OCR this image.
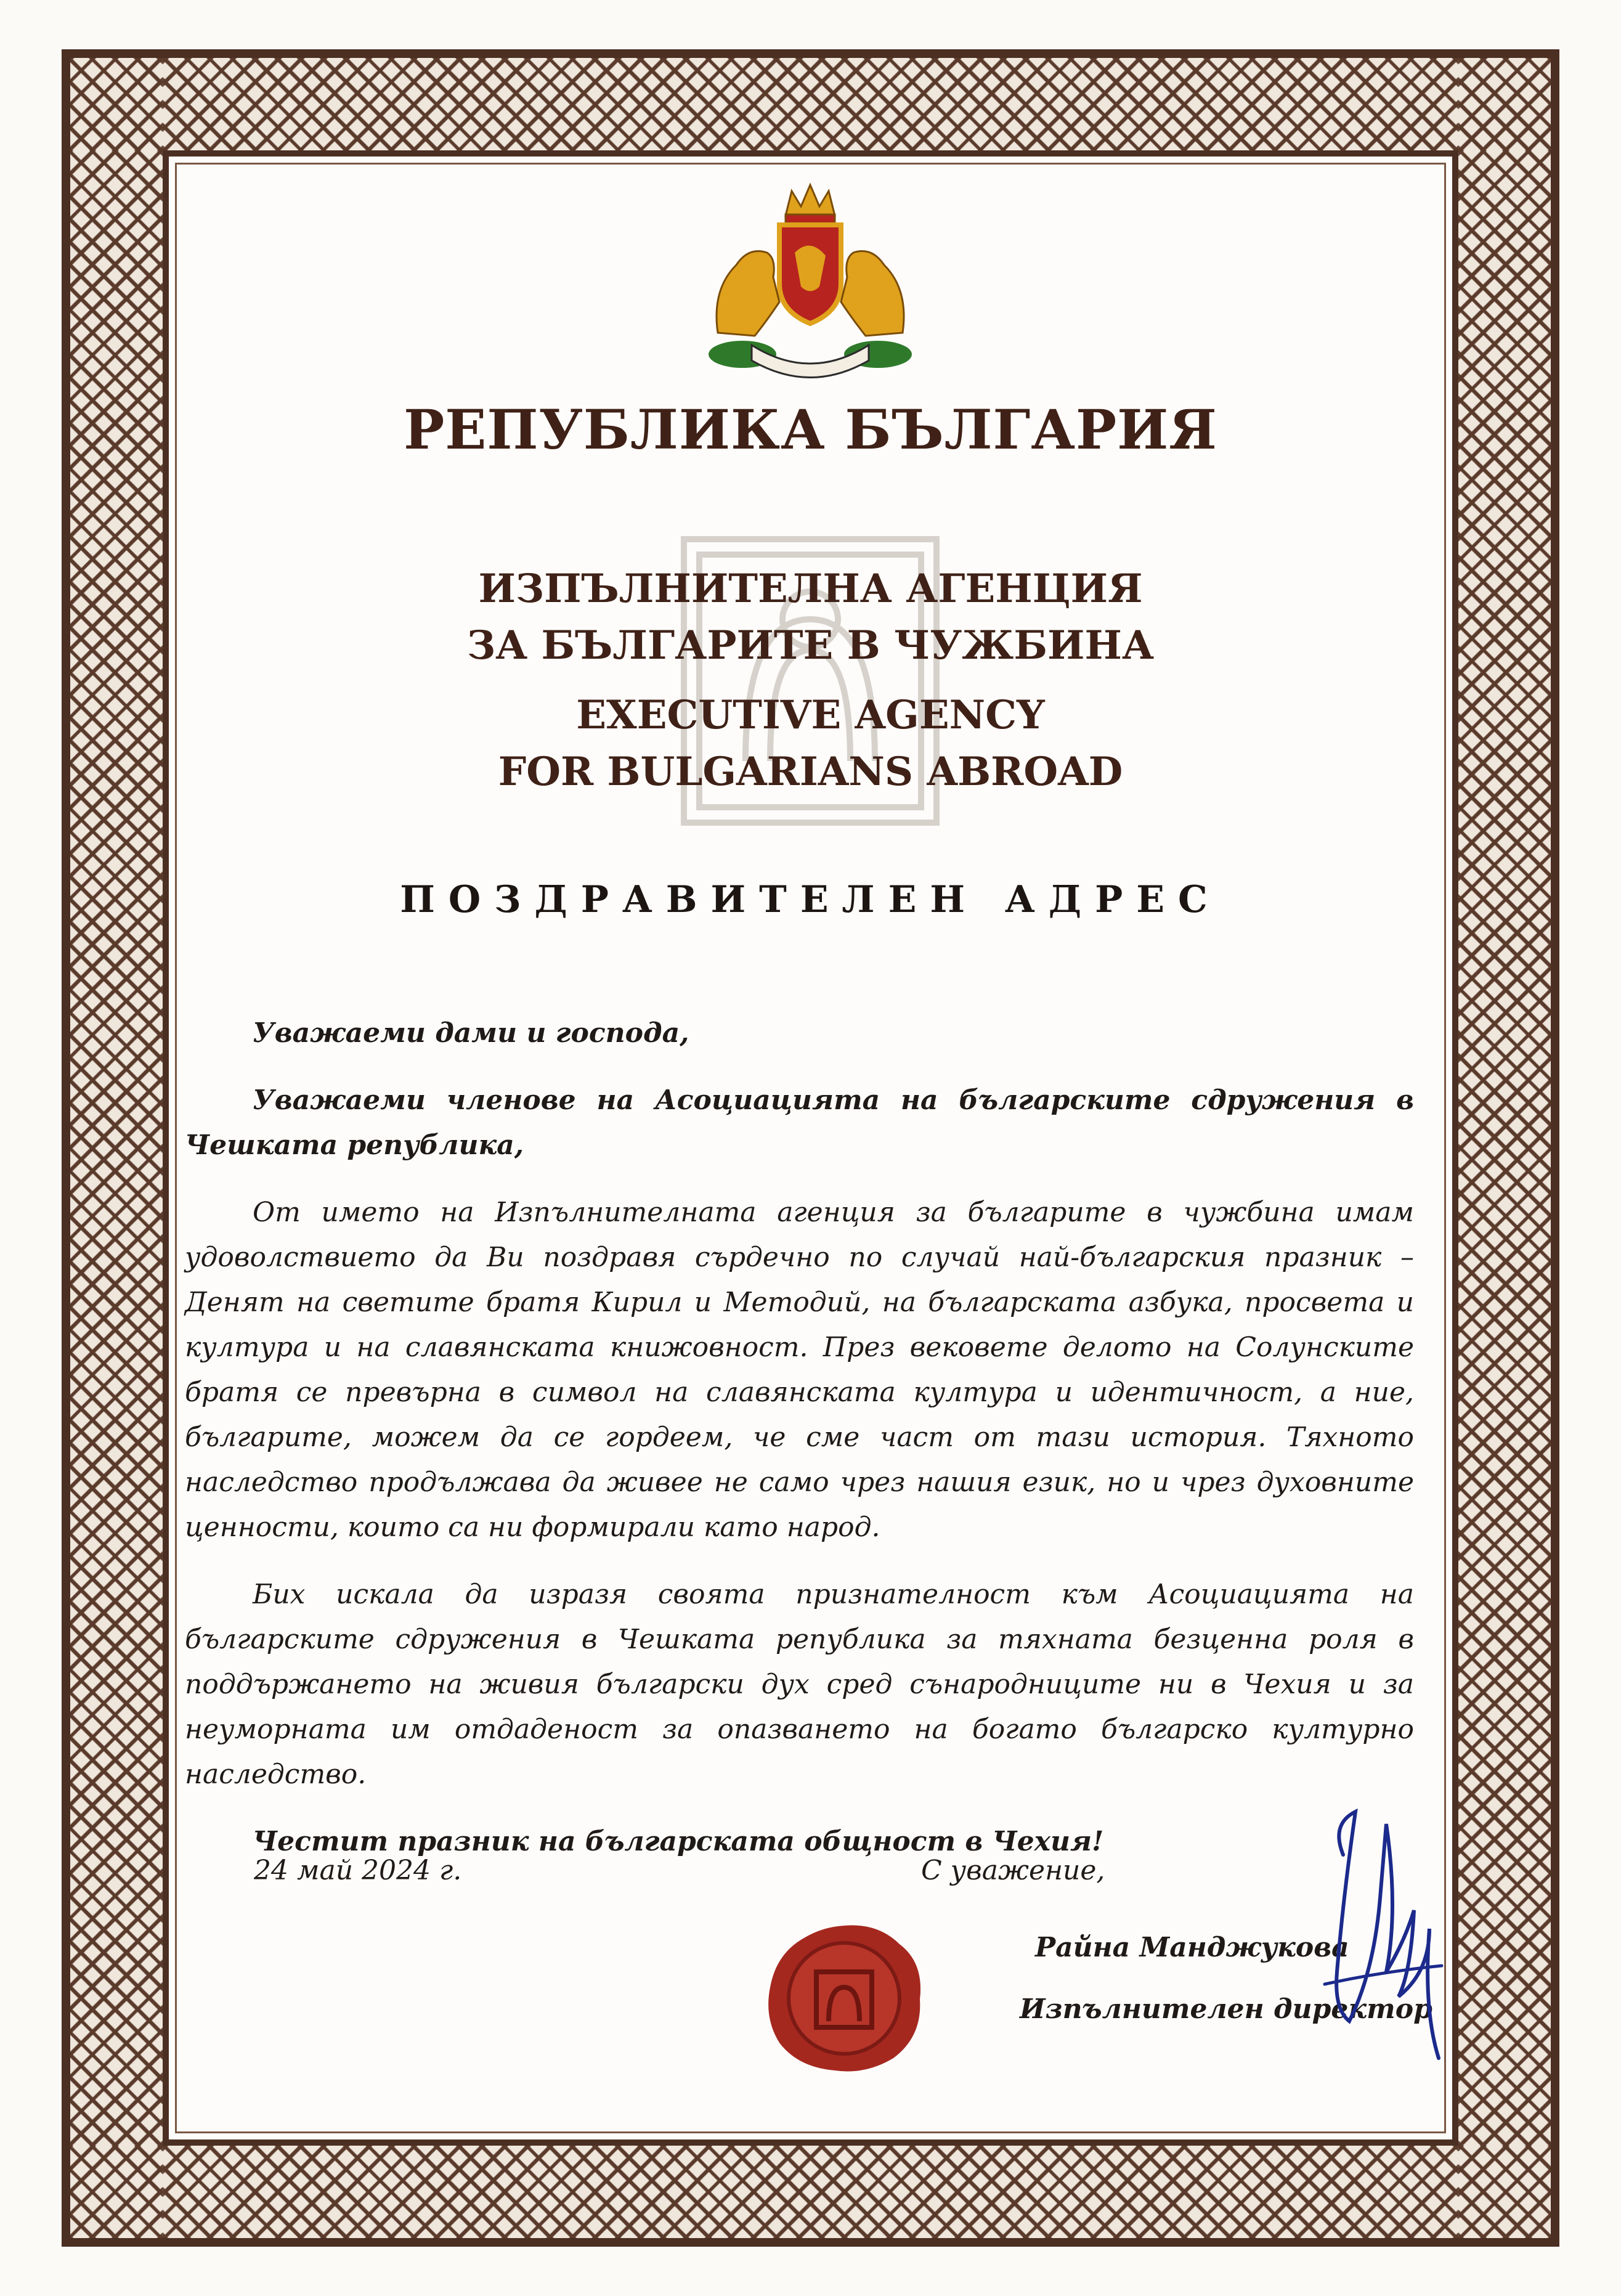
РЕПУБЛИКА БЪЛГАРИЯ
ИЗПЪЛНИТЕЛНА АГЕНЦИЯ
ЗА БЪЛГАРИТЕ В ЧУЖБИНА
EXECUTIVE AGENCY
FOR BULGARIANS ABROAD
ПОЗДРАВИТЕЛЕН АДРЕС

Уважаеми дами и господа,

Уважаеми членове на Асоциацията на българските сдружения в Чешката република,

От името на Изпълнителната агенция за българите в чужбина имам удоволствието да Ви поздравя сърдечно по случай най-българския празник – Денят на светите братя Кирил и Методий, на българската азбука, просвета и култура и на славянската книжовност. През вековете делото на Солунските братя се превърна в символ на славянската култура и идентичност, а ние, българите, можем да се гордеем, че сме част от тази история. Тяхното наследство продължава да живее не само чрез нашия език, но и чрез духовните ценности, които са ни формирали като народ.

Бих искала да изразя своята признателност към Асоциацията на българските сдружения в Чешката република за тяхната безценна роля в поддържането на живия български дух сред сънародниците ни в Чехия и за неуморната им отдаденост за опазването на богато българско културно наследство.

Честит празник на българската общност в Чехия!

24 май 2024 г.	С уважение,
Райна Манджукова
Изпълнителен директор
